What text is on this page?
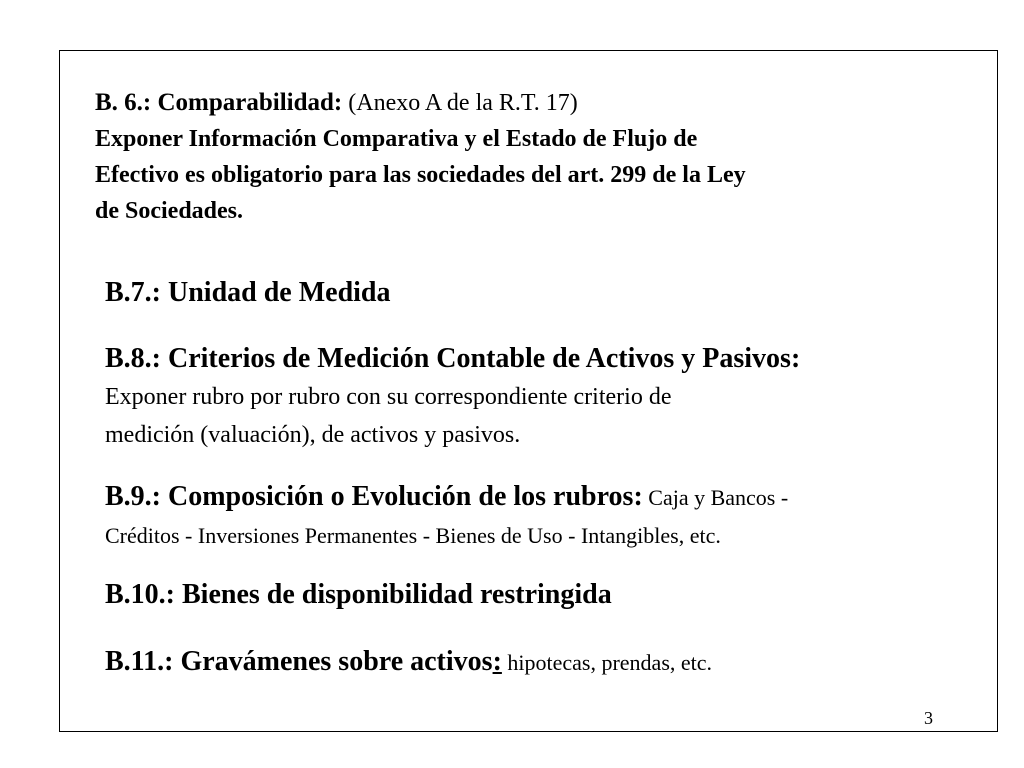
B. 6.: Comparabilidad: (Anexo A de la R.T. 17)
Exponer Información Comparativa y el Estado de Flujo de
Efectivo es obligatorio para las sociedades del art. 299 de la Ley
de Sociedades.
B.7.: Unidad de Medida
B.8.: Criterios de Medición Contable de Activos y Pasivos:
Exponer rubro por rubro con su correspondiente criterio de
medición (valuación), de activos y pasivos.
B.9.: Composición o Evolución de los rubros: Caja y Bancos -
Créditos - Inversiones Permanentes - Bienes de Uso - Intangibles, etc.
B.10.: Bienes de disponibilidad restringida
B.11.: Gravámenes sobre activos: hipotecas, prendas, etc.
3
